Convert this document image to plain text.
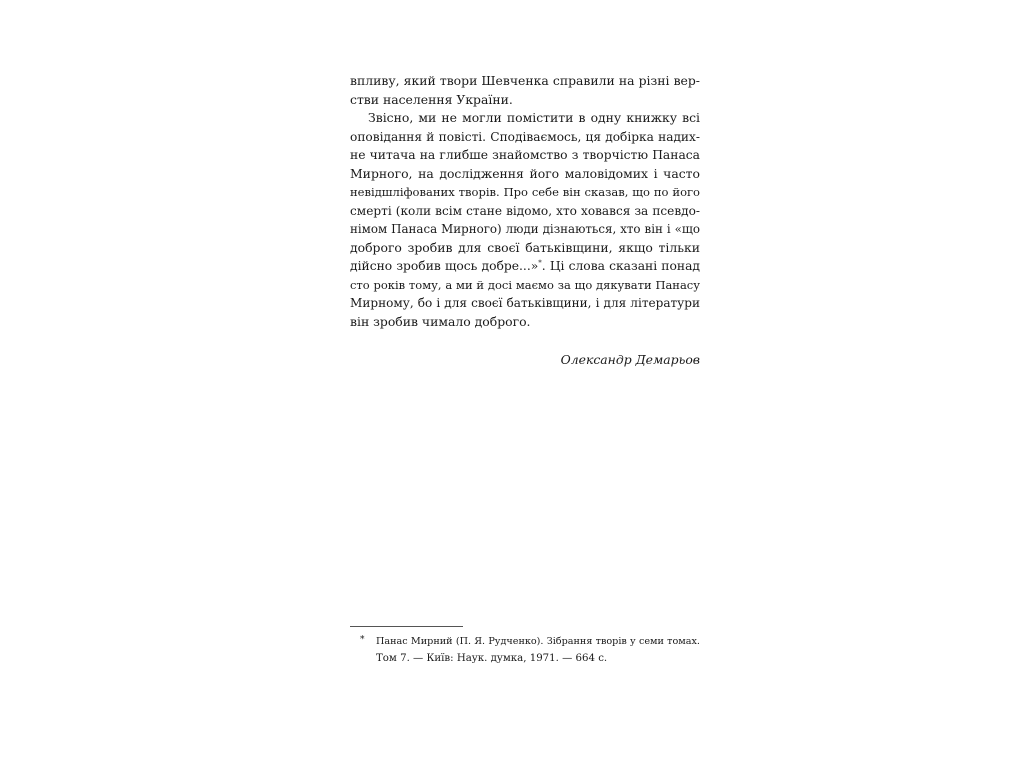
впливу, який твори Шевченка справили на різні вер-
стви населення України.
Звісно, ми не могли помістити в одну книжку всі
оповідання й повісті. Сподіваємось, ця добірка надих-
не читача на глибше знайомство з творчістю Панаса
Мирного, на дослідження його маловідомих і часто
невідшліфованих творів. Про себе він сказав, що по його
смерті (коли всім стане відомо, хто ховався за псевдо-
німом Панаса Мирного) люди дізнаються, хто він і «що
доброго зробив для своєї батьківщини, якщо тільки
дійсно зробив щось добре...»*. Ці слова сказані понад
сто років тому, а ми й досі маємо за що дякувати Панасу
Мирному, бо і для своєї батьківщини, і для літератури
він зробив чимало доброго.
Олександр Демарьов
*	Панас Мирний (П. Я. Рудченко). Зібрання творів у семи томах.
Том 7. — Київ: Наук. думка, 1971. — 664 с.
